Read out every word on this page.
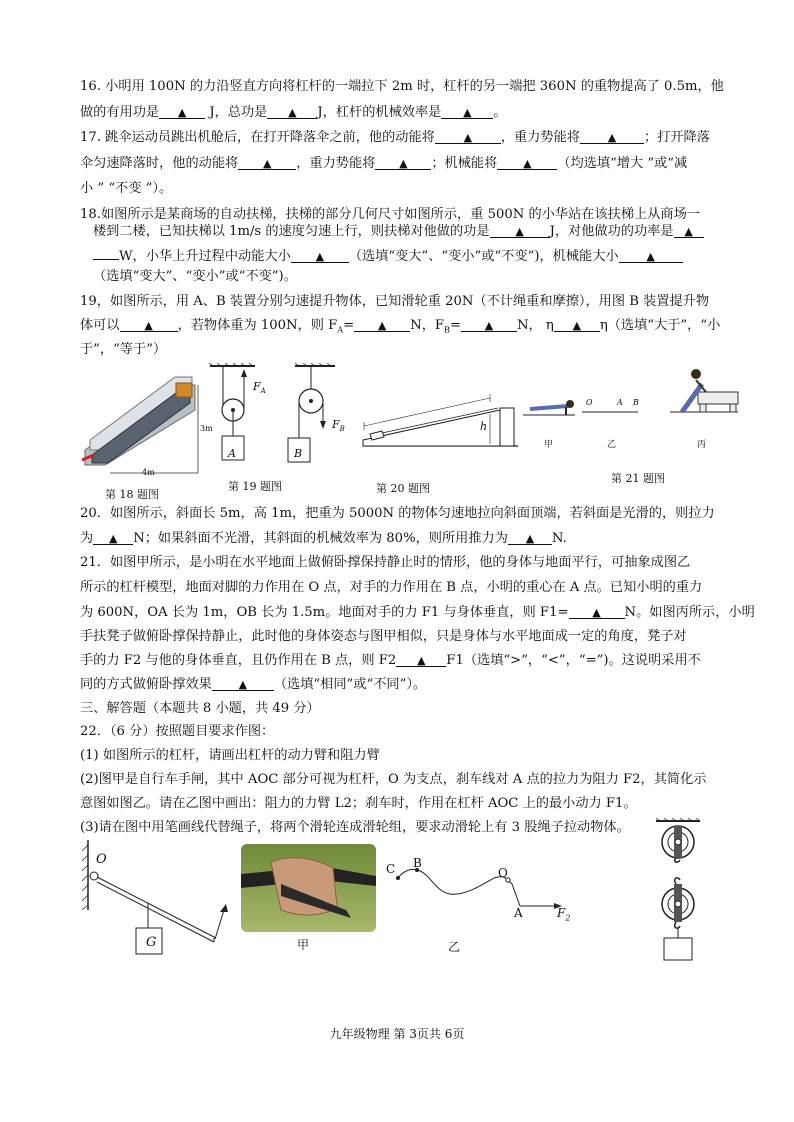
16. 小明用 100N 的力沿竖直方向将杠杆的一端拉下 2m 时，杠杆的另一端把 360N 的重物提高了 0.5m，他
做的有用功是 ▲ J，总功是 ▲ J，杠杆的机械效率是 ▲ 。
17. 跳伞运动员跳出机舱后，在打开降落伞之前，他的动能将	▲ ，重力势能将	▲ ；打开降落
伞匀速降落时，他的动能将 ▲ ，重力势能将 ▲ ；机械能将 ▲ （均选填“增大 ”或“减
小 ” “不变 ”）。
18.如图所示是某商场的自动扶梯，扶梯的部分几何尺寸如图所示，重 500N 的小华站在该扶梯上从商场一
楼到二楼，已知扶梯以 1m/s 的速度匀速上行，则扶梯对他做的功是 ▲ J，对他做功的功率是 ▲
W，小华上升过程中动能大小 ▲ （选填“变大”、“变小”或“不变”)，机械能大小	▲
（选填“变大”、“变小”或“不变”)。
19，如图所示，用 A、B 装置分别匀速提升物体，已知滑轮重 20N（不计绳重和摩擦），用图 B 装置提升物
体可以 ▲ ，若物体重为 100N，则 $F_A=$ ▲ N，$F_B=$ ▲ N， η ▲ η（选填“大于”，“小
于”，“等于”）
3m
4m
第 18 题图
$F_A$
$F_B$
A	B
第 19 题图
h
第 20 题图
O	A B
甲	乙	丙
第 21 题图
20．如图所示，斜面长 5m，高 1m，把重为 5000N 的物体匀速地拉向斜面顶端，若斜面是光滑的，则拉力
为 ▲ N；如果斜面不光滑，其斜面的机械效率为 80%，则所用推力为 ▲ N.
21．如图甲所示，是小明在水平地面上做俯卧撑保持静止时的情形，他的身体与地面平行，可抽象成图乙
所示的杠杆模型，地面对脚的力作用在 O 点，对手的力作用在 B 点，小明的重心在 A 点。已知小明的重力
为 600N，OA 长为 1m，OB 长为 1.5m。地面对手的力 F1 与身体垂直，则 F1= ▲ N。如图丙所示，小明
手扶凳子做俯卧撑保持静止，此时他的身体姿态与图甲相似，只是身体与水平地面成一定的角度，凳子对
手的力 F2 与他的身体垂直，且仍作用在 B 点，则 F2 ▲ F1（选填“>”，“<”，“=”)。这说明采用不
同的方式做俯卧撑效果 ▲ （选填“相同”或“不同”）。
三、解答题（本题共 8 小题，共 49 分）
22．（6 分）按照题目要求作图：
(1) 如图所示的杠杆，请画出杠杆的动力臂和阻力臂
(2)图甲是自行车手闸，其中 AOC 部分可视为杠杆，O 为支点，刹车线对 A 点的拉力为阻力 F2，其简化示
意图如图乙。请在乙图中画出：阻力的力臂 L2；刹车时，作用在杠杆 AOC 上的最小动力 F1。
(3)请在图中用笔画线代替绳子，将两个滑轮连成滑轮组，要求动滑轮上有 3 股绳子拉动物体。
O
G	甲
C B
O
A	$F_2$
乙
九年级物理 第 3页共 6页
